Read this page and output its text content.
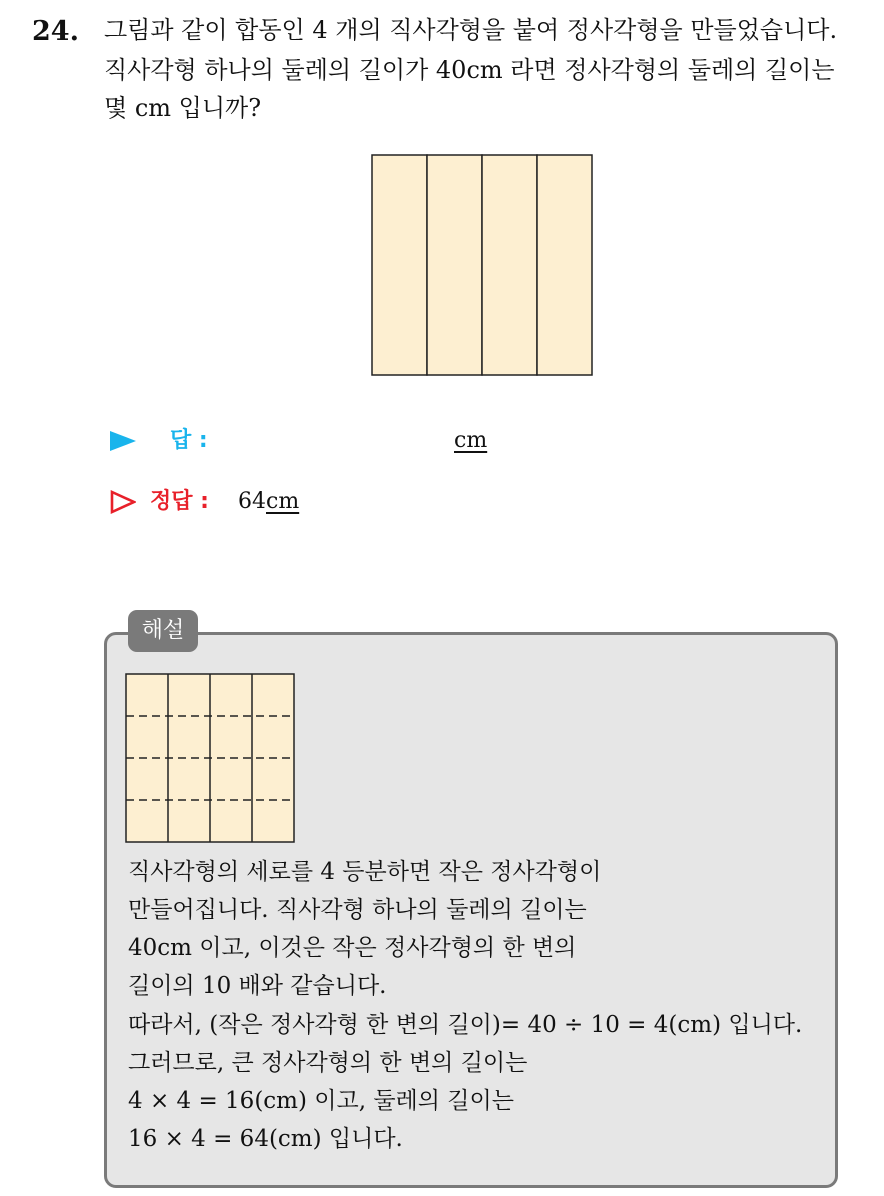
24. 그림과 같이 합동인 4 개의 직사각형을 붙여 정사각형을 만들었습니다.
직사각형 하나의 둘레의 길이가 40cm 라면 정사각형의 둘레의 길이는
몇 cm 입니까?
답 :	cm
정답 : 64cm
해설
직사각형의 세로를 4 등분하면 작은 정사각형이
만들어집니다. 직사각형 하나의 둘레의 길이는
40cm 이고, 이것은 작은 정사각형의 한 변의
길이의 10 배와 같습니다.
따라서, (작은 정사각형 한 변의 길이)= 40 ÷ 10 = 4(cm) 입니다.
그러므로, 큰 정사각형의 한 변의 길이는
4 × 4 = 16(cm) 이고, 둘레의 길이는
16 × 4 = 64(cm) 입니다.
